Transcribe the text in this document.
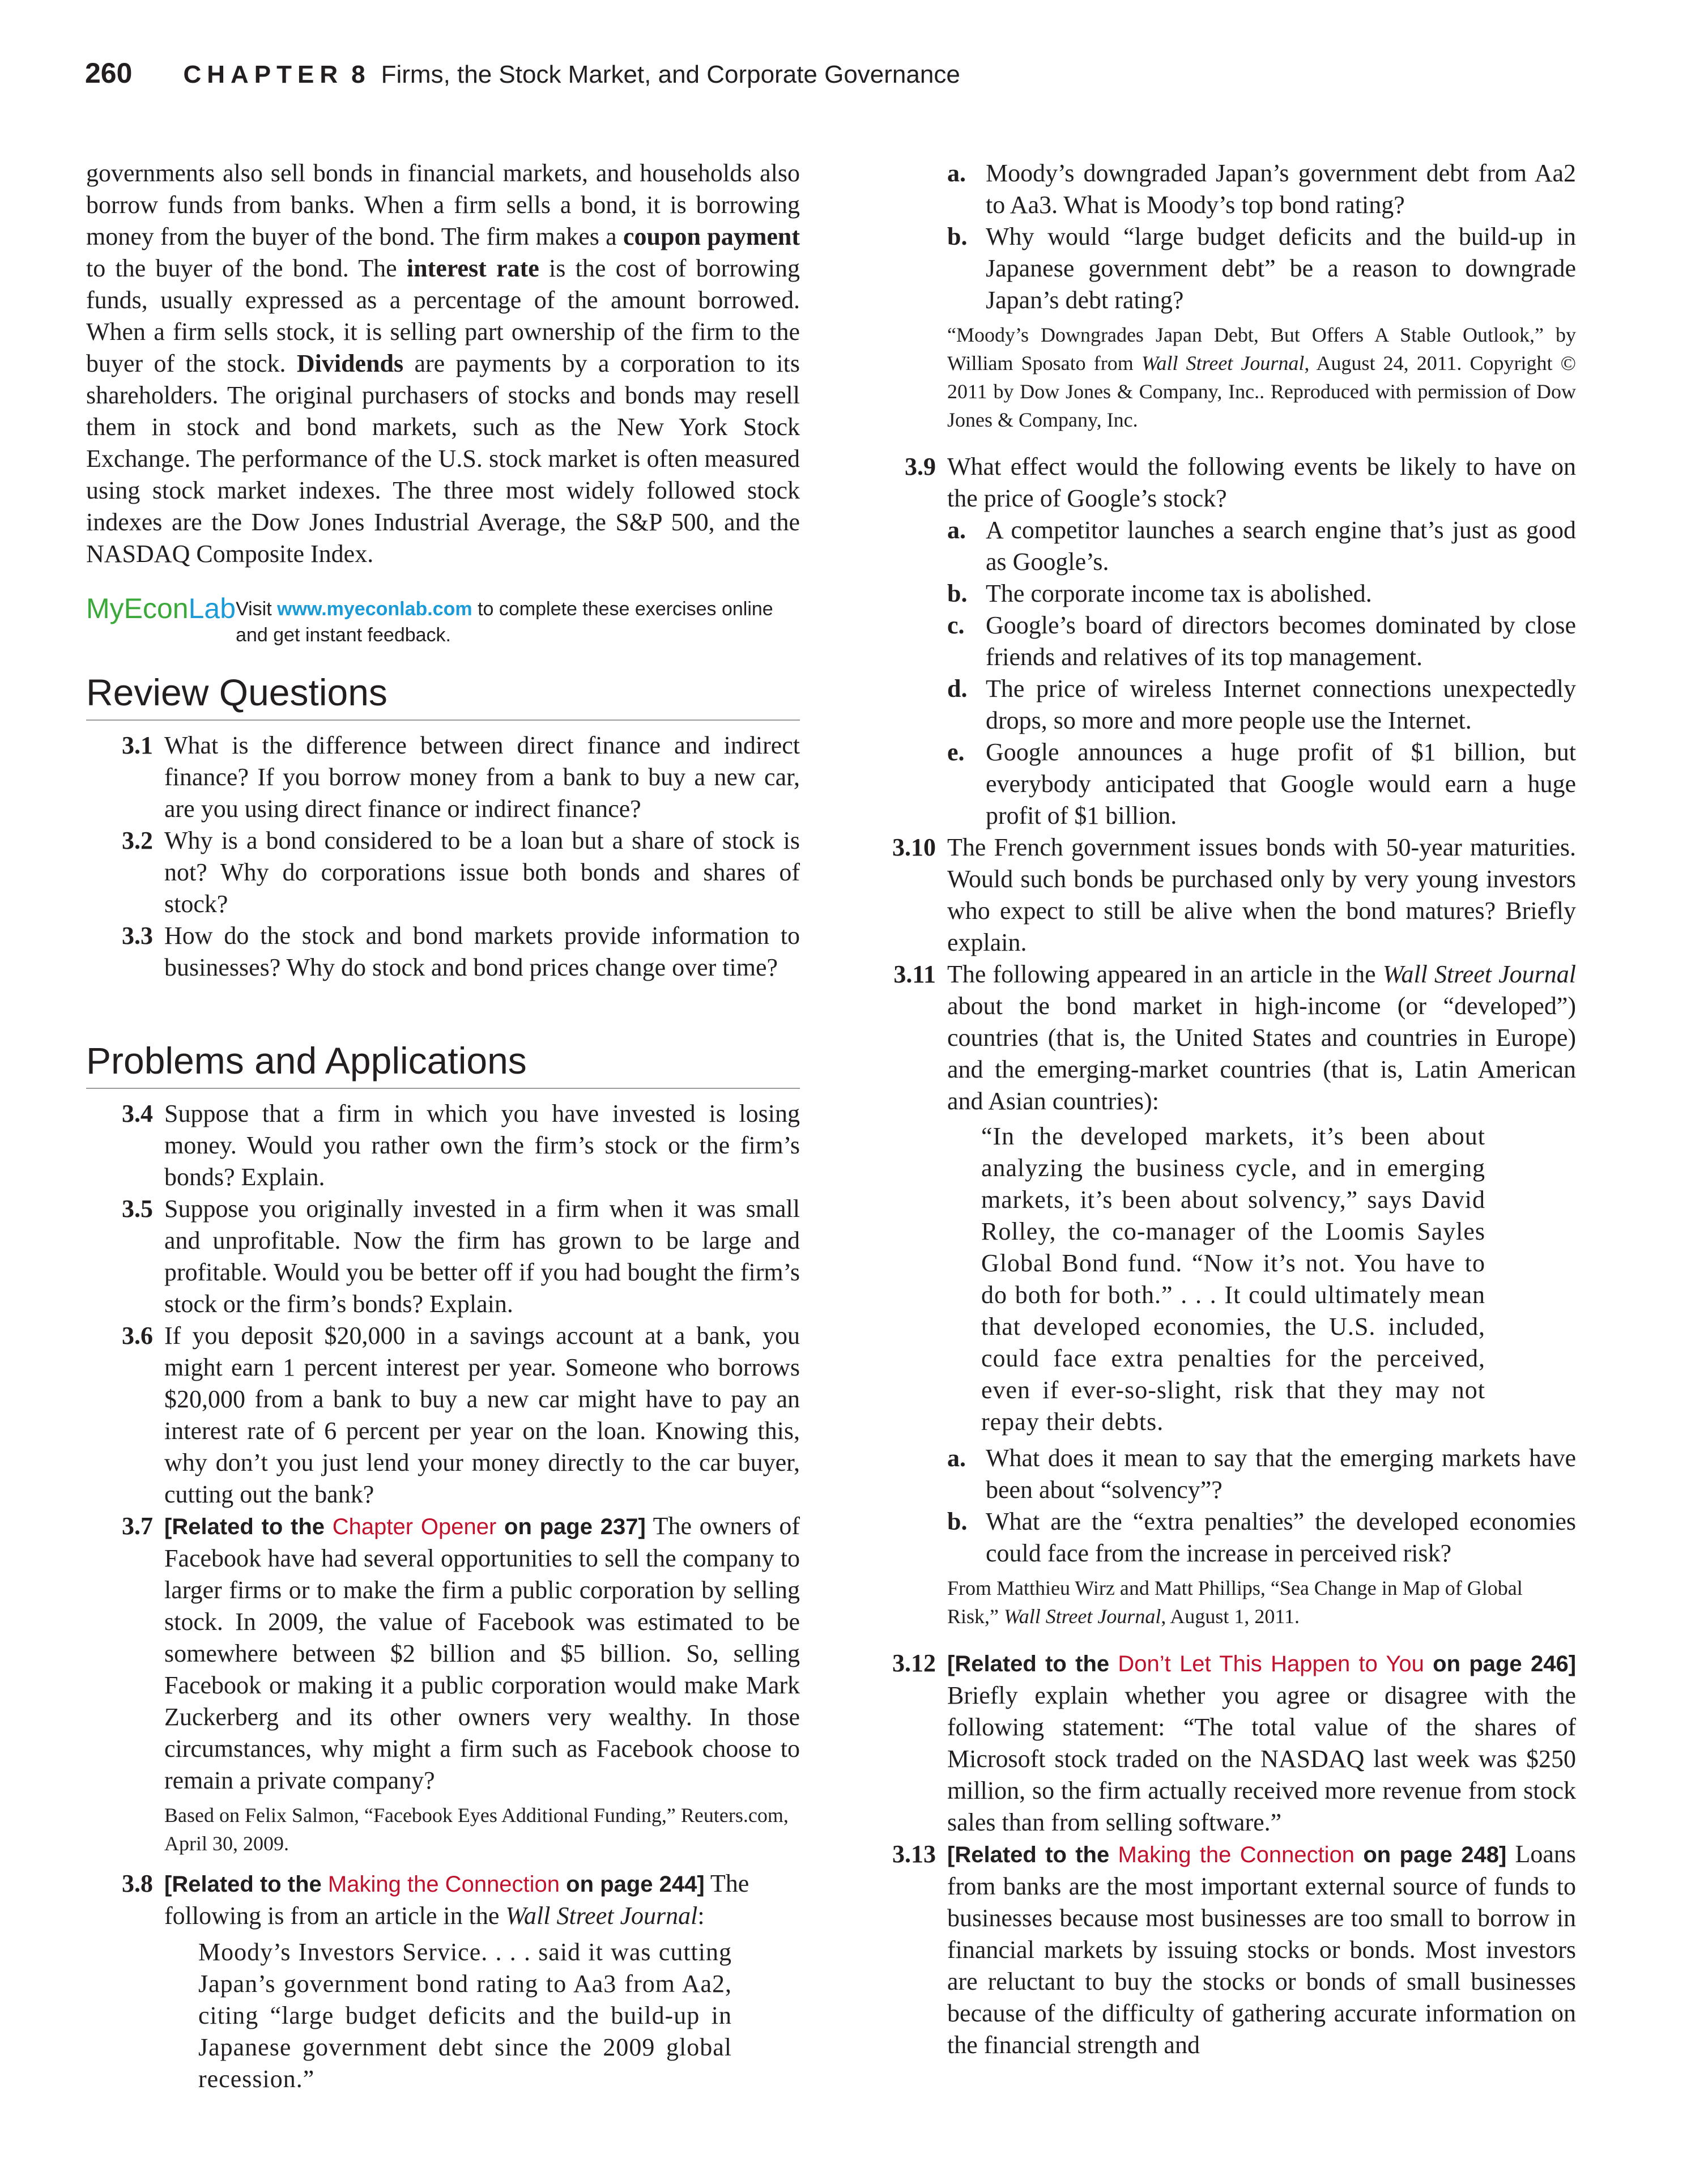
260 CHAPTER 8 Firms, the Stock Market, and Corporate Governance

governments also sell bonds in financial markets, and households also borrow funds from banks. When a firm sells a bond, it is borrowing money from the buyer of the bond. The firm makes a coupon payment to the buyer of the bond. The interest rate is the cost of borrowing funds, usually expressed as a percentage of the amount borrowed. When a firm sells stock, it is selling part ownership of the firm to the buyer of the stock. Dividends are payments by a corporation to its shareholders. The original purchasers of stocks and bonds may resell them in stock and bond markets, such as the New York Stock Exchange. The performance of the U.S. stock market is often measured using stock market indexes. The three most widely followed stock indexes are the Dow Jones Industrial Average, the S&P 500, and the NASDAQ Composite Index.

MyEconLab Visit www.myeconlab.com to complete these exercises online and get instant feedback.
Review Questions
3.1 What is the difference between direct finance and indirect finance? If you borrow money from a bank to buy a new car, are you using direct finance or indirect finance?
3.2 Why is a bond considered to be a loan but a share of stock is not? Why do corporations issue both bonds and shares of stock?
3.3 How do the stock and bond markets provide information to businesses? Why do stock and bond prices change over time?
Problems and Applications
3.4 Suppose that a firm in which you have invested is losing money. Would you rather own the firm’s stock or the firm’s bonds? Explain.
3.5 Suppose you originally invested in a firm when it was small and unprofitable. Now the firm has grown to be large and profitable. Would you be better off if you had bought the firm’s stock or the firm’s bonds? Explain.
3.6 If you deposit $20,000 in a savings account at a bank, you might earn 1 percent interest per year. Someone who borrows $20,000 from a bank to buy a new car might have to pay an interest rate of 6 percent per year on the loan. Knowing this, why don’t you just lend your money directly to the car buyer, cutting out the bank?
3.7 [Related to the Chapter Opener on page 237] The owners of Facebook have had several opportunities to sell the company to larger firms or to make the firm a public corporation by selling stock. In 2009, the value of Facebook was estimated to be somewhere between $2 billion and $5 billion. So, selling Facebook or making it a public corporation would make Mark Zuckerberg and its other owners very wealthy. In those circumstances, why might a firm such as Facebook choose to remain a private company?

Based on Felix Salmon, “Facebook Eyes Additional Funding,” Reuters.com, April 30, 2009.

3.8 [Related to the Making the Connection on page 244] The following is from an article in the Wall Street Journal:

Moody’s Investors Service. . . . said it was cutting Japan’s government bond rating to Aa3 from Aa2, citing “large budget deficits and the build-up in Japanese government debt since the 2009 global recession.”

a. Moody’s downgraded Japan’s government debt from Aa2 to Aa3. What is Moody’s top bond rating?
b. Why would “large budget deficits and the build-up in Japanese government debt” be a reason to downgrade Japan’s debt rating?

“Moody’s Downgrades Japan Debt, But Offers A Stable Outlook,” by William Sposato from Wall Street Journal, August 24, 2011. Copyright © 2011 by Dow Jones & Company, Inc.. Reproduced with permission of Dow Jones & Company, Inc.

3.9 What effect would the following events be likely to have on the price of Google’s stock?
a. A competitor launches a search engine that’s just as good as Google’s.
b. The corporate income tax is abolished.
c. Google’s board of directors becomes dominated by close friends and relatives of its top management.
d. The price of wireless Internet connections unexpectedly drops, so more and more people use the Internet.
e. Google announces a huge profit of $1 billion, but everybody anticipated that Google would earn a huge profit of $1 billion.
3.10 The French government issues bonds with 50-year maturities. Would such bonds be purchased only by very young investors who expect to still be alive when the bond matures? Briefly explain.
3.11 The following appeared in an article in the Wall Street Journal about the bond market in high-income (or “developed”) countries (that is, the United States and countries in Europe) and the emerging-market countries (that is, Latin American and Asian countries):

“In the developed markets, it’s been about analyzing the business cycle, and in emerging markets, it’s been about solvency,” says David Rolley, the co-manager of the Loomis Sayles Global Bond fund. “Now it’s not. You have to do both for both.” . . . It could ultimately mean that developed economies, the U.S. included, could face extra penalties for the perceived, even if ever-so-slight, risk that they may not repay their debts.

a. What does it mean to say that the emerging markets have been about “solvency”?
b. What are the “extra penalties” the developed economies could face from the increase in perceived risk?

From Matthieu Wirz and Matt Phillips, “Sea Change in Map of Global Risk,” Wall Street Journal, August 1, 2011.

3.12 [Related to the Don’t Let This Happen to You on page 246] Briefly explain whether you agree or disagree with the following statement: “The total value of the shares of Microsoft stock traded on the NASDAQ last week was $250 million, so the firm actually received more revenue from stock sales than from selling software.”
3.13 [Related to the Making the Connection on page 248] Loans from banks are the most important external source of funds to businesses because most businesses are too small to borrow in financial markets by issuing stocks or bonds. Most investors are reluctant to buy the stocks or bonds of small businesses because of the difficulty of gathering accurate information on the financial strength and
